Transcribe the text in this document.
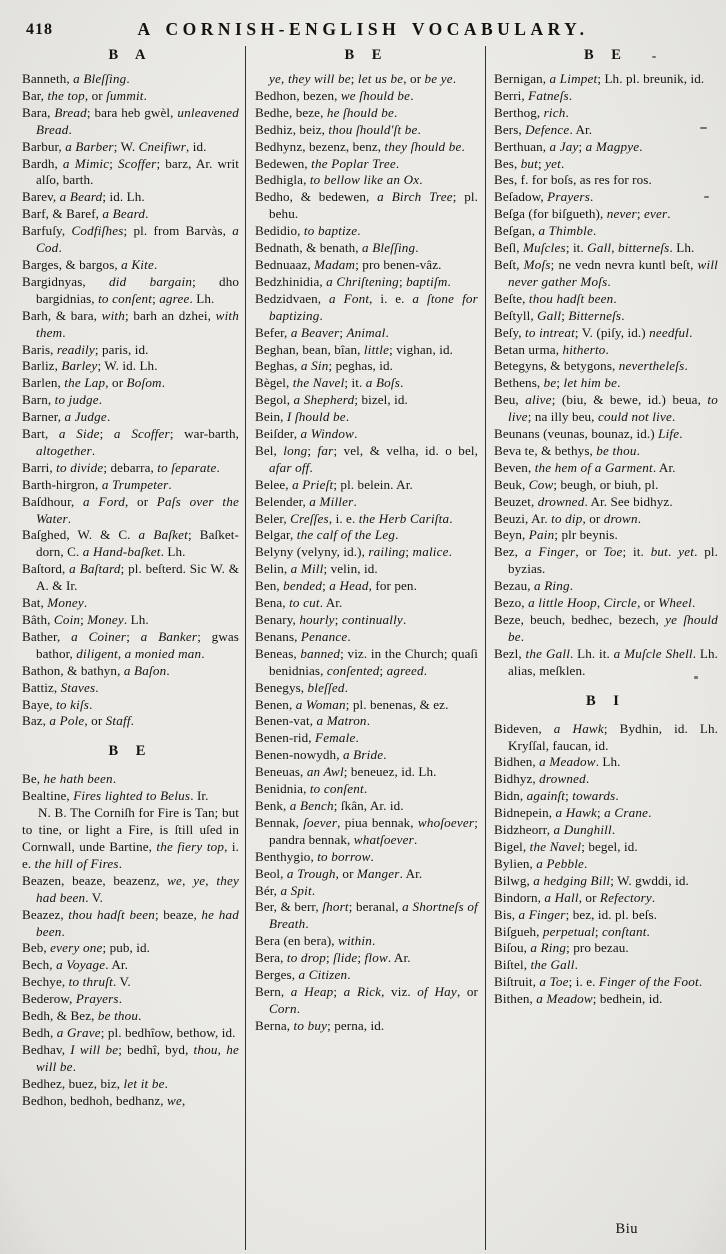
418	A CORNISH-ENGLISH VOCABULARY.
B A

Banneth, a Bleſſing.

Bar, the top, or ſummit.

Bara, Bread; bara heb gwèl, unleavened Bread.

Barbur, a Barber; W. Cneifiwr, id.

Bardh, a Mimic; Scoffer; barz, Ar. writ alſo, barth.

Barev, a Beard; id. Lh.

Barf, & Baref, a Beard.

Barfuſy, Codfiſhes; pl. from Barvàs, a Cod.

Barges, & bargos, a Kite.

Bargidnyas, did bargain; dho bargidnias, to conſent; agree. Lh.

Barh, & bara, with; barh an dzhei, with them.

Baris, readily; paris, id.

Barliz, Barley; W. id. Lh.

Barlen, the Lap, or Boſom.

Barn, to judge.

Barner, a Judge.

Bart, a Side; a Scoffer; war-barth, altogether.

Barri, to divide; debarra, to ſeparate.

Barth-hirgron, a Trumpeter.

Baſdhour, a Ford, or Paſs over the Water.

Baſghed, W. & C. a Baſket; Baſket-dorn, C. a Hand-baſket. Lh.

Baſtord, a Baſtard; pl. beſterd. Sic W. & A. & Ir.

Bat, Money.

Bâth, Coin; Money. Lh.

Bather, a Coiner; a Banker; gwas bathor, diligent, a monied man.

Bathon, & bathyn, a Baſon.

Battiz, Staves.

Baye, to kiſs.

Baz, a Pole, or Staff.

B E

Be, he hath been.

Bealtine, Fires lighted to Belus. Ir.

N. B. The Corniſh for Fire is Tan; but to tine, or light a Fire, is ſtill uſed in Cornwall, unde Bartine, the fiery top, i. e. the hill of Fires.

Beazen, beaze, beazenz, we, ye, they had been. V.

Beazez, thou hadſt been; beaze, he had been.

Beb, every one; pub, id.

Bech, a Voyage. Ar.

Bechye, to thruſt. V.

Bederow, Prayers.

Bedh, & Bez, be thou.

Bedh, a Grave; pl. bedhîow, bethow, id.

Bedhav, I will be; bedhî, byd, thou, he will be.

Bedhez, buez, biz, let it be.

Bedhon, bedhoh, bedhanz, we,

B E

ye, they will be; let us be, or be ye.

Bedhon, bezen, we ſhould be.

Bedhe, beze, he ſhould be.

Bedhiz, beiz, thou ſhould'ſt be.

Bedhynz, bezenz, benz, they ſhould be.

Bedewen, the Poplar Tree.

Bedhigla, to bellow like an Ox.

Bedho, & bedewen, a Birch Tree; pl. behu.

Bedidio, to baptize.

Bednath, & benath, a Bleſſing.

Bednuaaz, Madam; pro benen-vâz.

Bedzhinidia, a Chriſtening; baptiſm.

Bedzidvaen, a Font, i. e. a ſtone for baptizing.

Befer, a Beaver; Animal.

Beghan, bean, bîan, little; vighan, id.

Beghas, a Sin; peghas, id.

Bègel, the Navel; it. a Boſs.

Begol, a Shepherd; bizel, id.

Bein, I ſhould be.

Beiſder, a Window.

Bel, long; far; vel, & velha, id. o bel, afar off.

Belee, a Prieſt; pl. belein. Ar.

Belender, a Miller.

Beler, Creſſes, i. e. the Herb Cariſta.

Belgar, the calf of the Leg.

Belyny (velyny, id.), railing; malice.

Belin, a Mill; velin, id.

Ben, bended; a Head, for pen.

Bena, to cut. Ar.

Benary, hourly; continually.

Benans, Penance.

Beneas, banned; viz. in the Church; quaſi benidnias, conſented; agreed.

Benegys, bleſſed.

Benen, a Woman; pl. benenas, & ez.

Benen-vat, a Matron.

Benen-rid, Female.

Benen-nowydh, a Bride.

Beneuas, an Awl; beneuez, id. Lh.

Benidnia, to conſent.

Benk, a Bench; ſkân, Ar. id.

Bennak, ſoever, piua bennak, whoſoever; pandra bennak, whatſoever.

Benthygio, to borrow.

Beol, a Trough, or Manger. Ar.

Bér, a Spit.

Ber, & berr, ſhort; beranal, a Shortneſs of Breath.

Bera (en bera), within.

Bera, to drop; ſlide; flow. Ar.

Berges, a Citizen.

Bern, a Heap; a Rick, viz. of Hay, or Corn.

Berna, to buy; perna, id.

B E

Bernigan, a Limpet; Lh. pl. breunik, id.

Berri, Fatneſs.

Berthog, rich.

Bers, Defence. Ar.

Berthuan, a Jay; a Magpye.

Bes, but; yet.

Bes, f. for boſs, as res for ros.

Beſadow, Prayers.

Beſga (for biſgueth), never; ever.

Beſgan, a Thimble.

Beſl, Muſcles; it. Gall, bitterneſs. Lh.

Beſt, Moſs; ne vedn nevra kuntl beſt, will never gather Moſs.

Beſte, thou hadſt been.

Beſtyll, Gall; Bitterneſs.

Beſy, to intreat; V. (piſy, id.) needful.

Betan urma, hitherto.

Betegyns, & betygons, nevertheleſs.

Bethens, be; let him be.

Beu, alive; (biu, & bewe, id.) beua, to live; na illy beu, could not live.

Beunans (veunas, bounaz, id.) Life.

Beva te, & bethys, be thou.

Beven, the hem of a Garment. Ar.

Beuk, Cow; beugh, or biuh, pl.

Beuzet, drowned. Ar. See bidhyz.

Beuzi, Ar. to dip, or drown.

Beyn, Pain; plr beynis.

Bez, a Finger, or Toe; it. but. yet. pl. byzias.

Bezau, a Ring.

Bezo, a little Hoop, Circle, or Wheel.

Beze, beuch, bedhec, bezech, ye ſhould be.

Bezl, the Gall. Lh. it. a Muſcle Shell. Lh. alias, meſklen.

B I

Bideven, a Hawk; Bydhin, id. Lh. Kryſſal, faucan, id.

Bidhen, a Meadow. Lh.

Bidhyz, drowned.

Bidn, againſt; towards.

Bidnepein, a Hawk; a Crane.

Bidzheorr, a Dunghill.

Bigel, the Navel; begel, id.

Bylien, a Pebble.

Bilwg, a hedging Bill; W. gwddi, id.

Bindorn, a Hall, or Refectory.

Bis, a Finger; bez, id. pl. beſs.

Biſgueh, perpetual; conſtant.

Biſou, a Ring; pro bezau.

Biſtel, the Gall.

Biſtruit, a Toe; i. e. Finger of the Foot.

Bithen, a Meadow; bedhein, id.

Biu
